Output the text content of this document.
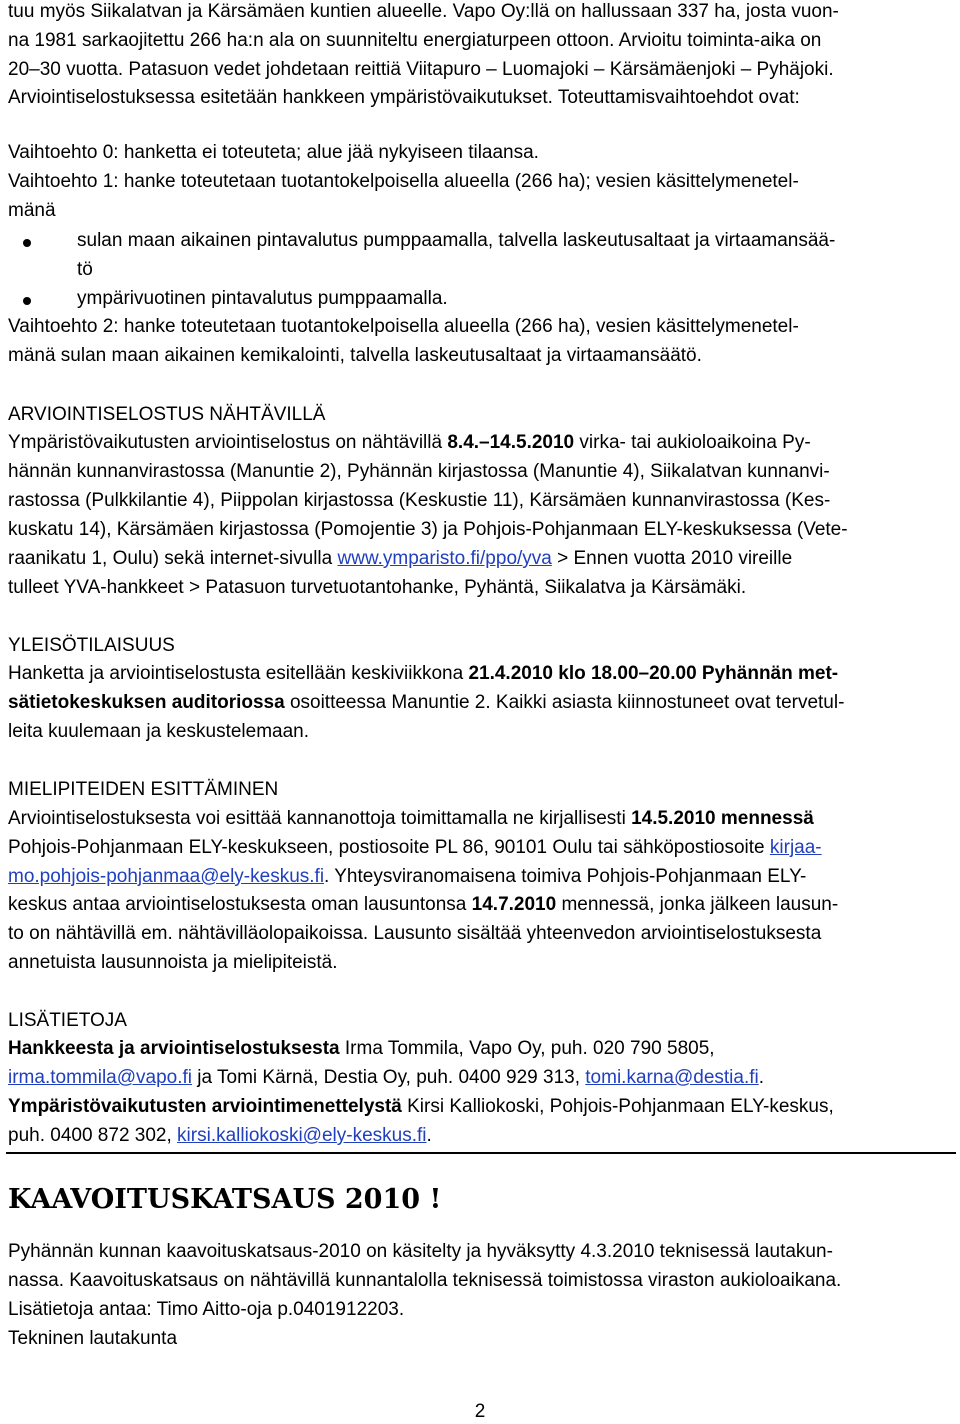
tuu myös Siikalatvan ja Kärsämäen kuntien alueelle. Vapo Oy:llä on hallussaan 337 ha, josta vuon-
na 1981 sarkaojitettu 266 ha:n ala on suunniteltu energiaturpeen ottoon. Arvioitu toiminta-aika on
20–30 vuotta. Patasuon vedet johdetaan reittiä Viitapuro – Luomajoki – Kärsämäenjoki – Pyhäjoki.
Arviointiselostuksessa esitetään hankkeen ympäristövaikutukset. Toteuttamisvaihtoehdot ovat:
Vaihtoehto 0: hanketta ei toteuteta; alue jää nykyiseen tilaansa.
Vaihtoehto 1: hanke toteutetaan tuotantokelpoisella alueella (266 ha); vesien käsittelymenetel-
mänä
sulan maan aikainen pintavalutus pumppaamalla, talvella laskeutusaltaat ja virtaamansää-
tö
ympärivuotinen pintavalutus pumppaamalla.
Vaihtoehto 2: hanke toteutetaan tuotantokelpoisella alueella (266 ha), vesien käsittelymenetel-
mänä sulan maan aikainen kemikalointi, talvella laskeutusaltaat ja virtaamansäätö.
ARVIOINTISELOSTUS NÄHTÄVILLÄ
Ympäristövaikutusten arviointiselostus on nähtävillä 8.4.–14.5.2010 virka- tai aukioloaikoina Py-
hännän kunnanvirastossa (Manuntie 2), Pyhännän kirjastossa (Manuntie 4), Siikalatvan kunnanvi-
rastossa (Pulkkilantie 4), Piippolan kirjastossa (Keskustie 11), Kärsämäen kunnanvirastossa (Kes-
kuskatu 14), Kärsämäen kirjastossa (Pomojentie 3) ja Pohjois-Pohjanmaan ELY-keskuksessa (Vete-
raanikatu 1, Oulu) sekä internet-sivulla www.ymparisto.fi/ppo/yva > Ennen vuotta 2010 vireille
tulleet YVA-hankkeet > Patasuon turvetuotantohanke, Pyhäntä, Siikalatva ja Kärsämäki.
YLEISÖTILAISUUS
Hanketta ja arviointiselostusta esitellään keskiviikkona 21.4.2010 klo 18.00–20.00 Pyhännän met-
sätietokeskuksen auditoriossa osoitteessa Manuntie 2. Kaikki asiasta kiinnostuneet ovat tervetul-
leita kuulemaan ja keskustelemaan.
MIELIPITEIDEN ESITTÄMINEN
Arviointiselostuksesta voi esittää kannanottoja toimittamalla ne kirjallisesti 14.5.2010 mennessä
Pohjois-Pohjanmaan ELY-keskukseen, postiosoite PL 86, 90101 Oulu tai sähköpostiosoite kirjaa-
mo.pohjois-pohjanmaa@ely-keskus.fi. Yhteysviranomaisena toimiva Pohjois-Pohjanmaan ELY-
keskus antaa arviointiselostuksesta oman lausuntonsa 14.7.2010 mennessä, jonka jälkeen lausun-
to on nähtävillä em. nähtävilläolopaikoissa. Lausunto sisältää yhteenvedon arviointiselostuksesta
annetuista lausunnoista ja mielipiteistä.
LISÄTIETOJA
Hankkeesta ja arviointiselostuksesta Irma Tommila, Vapo Oy, puh. 020 790 5805,
irma.tommila@vapo.fi ja Tomi Kärnä, Destia Oy, puh. 0400 929 313, tomi.karna@destia.fi.
Ympäristövaikutusten arviointimenettelystä Kirsi Kalliokoski, Pohjois-Pohjanmaan ELY-keskus,
puh. 0400 872 302, kirsi.kalliokoski@ely-keskus.fi.
KAAVOITUSKATSAUS 2010 !
Pyhännän kunnan kaavoituskatsaus-2010 on käsitelty ja hyväksytty 4.3.2010 teknisessä lautakun-
nassa. Kaavoituskatsaus on nähtävillä kunnantalolla teknisessä toimistossa viraston aukioloaikana.
Lisätietoja antaa: Timo Aitto-oja p.0401912203.
Tekninen lautakunta
2
